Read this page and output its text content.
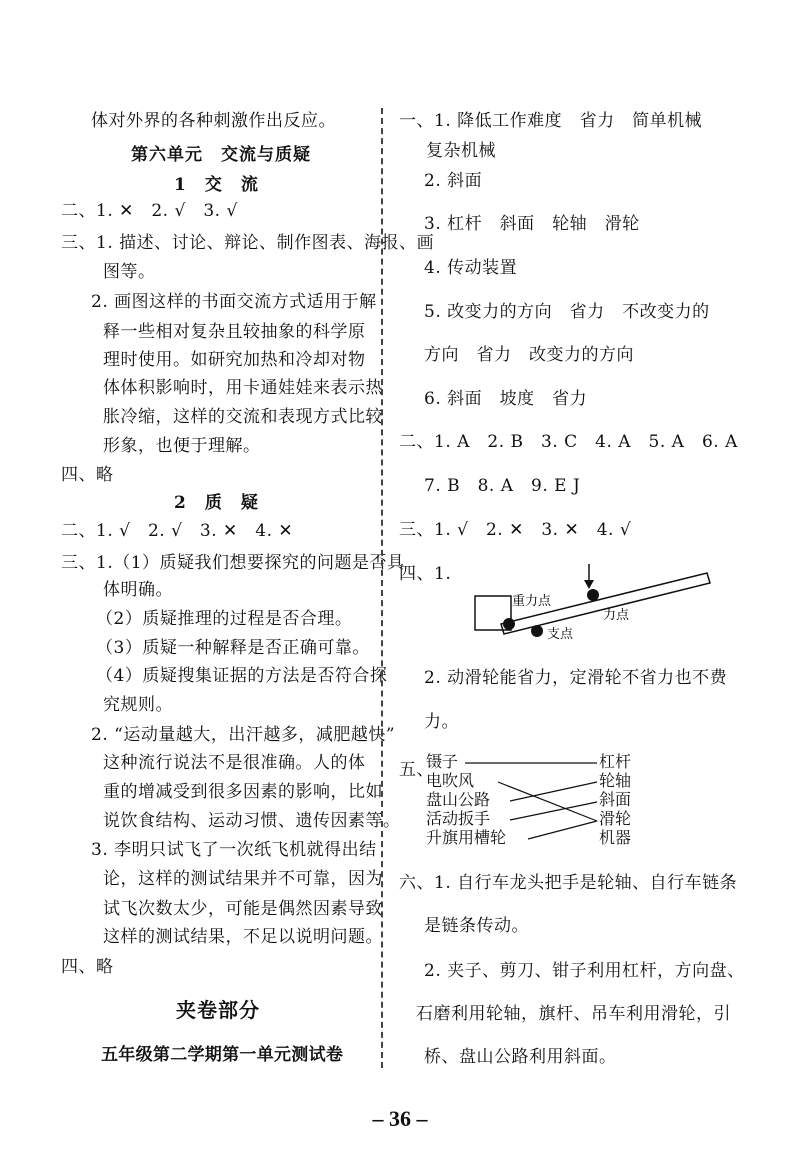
体对外界的各种刺激作出反应。
第六单元　交流与质疑
1　交　流
二、1. ✕　2. √　3. √
三、1. 描述、讨论、辩论、制作图表、海报、画
图等。
2. 画图这样的书面交流方式适用于解
释一些相对复杂且较抽象的科学原
理时使用。如研究加热和冷却对物
体体积影响时，用卡通娃娃来表示热
胀冷缩，这样的交流和表现方式比较
形象，也便于理解。
四、略
2　质　疑
二、1. √　2. √　3. ✕　4. ✕
三、1.（1）质疑我们想要探究的问题是否具
体明确。
（2）质疑推理的过程是否合理。
（3）质疑一种解释是否正确可靠。
（4）质疑搜集证据的方法是否符合探
究规则。
2. “运动量越大，出汗越多，减肥越快”
这种流行说法不是很准确。人的体
重的增减受到很多因素的影响，比如
说饮食结构、运动习惯、遗传因素等。
3. 李明只试飞了一次纸飞机就得出结
论，这样的测试结果并不可靠，因为
试飞次数太少，可能是偶然因素导致
这样的测试结果，不足以说明问题。
四、略
夹卷部分
五年级第二学期第一单元测试卷
一、1. 降低工作难度　省力　简单机械
复杂机械
2. 斜面
3. 杠杆　斜面　轮轴　滑轮
4. 传动装置
5. 改变力的方向　省力　不改变力的
方向　省力　改变力的方向
6. 斜面　坡度　省力
二、1. A　2. B　3. C　4. A　5. A　6. A
7. B　8. A　9. E J
三、1. √　2. ✕　3. ✕　4. √
四、1.
重力点
力点
支点
2. 动滑轮能省力，定滑轮不省力也不费
力。
五、
镊子
电吹风
盘山公路
活动扳手
升旗用槽轮
杠杆
轮轴
斜面
滑轮
机器
六、1. 自行车龙头把手是轮轴、自行车链条
是链条传动。
2. 夹子、剪刀、钳子利用杠杆，方向盘、
石磨利用轮轴，旗杆、吊车利用滑轮，引
桥、盘山公路利用斜面。
– 36 –
